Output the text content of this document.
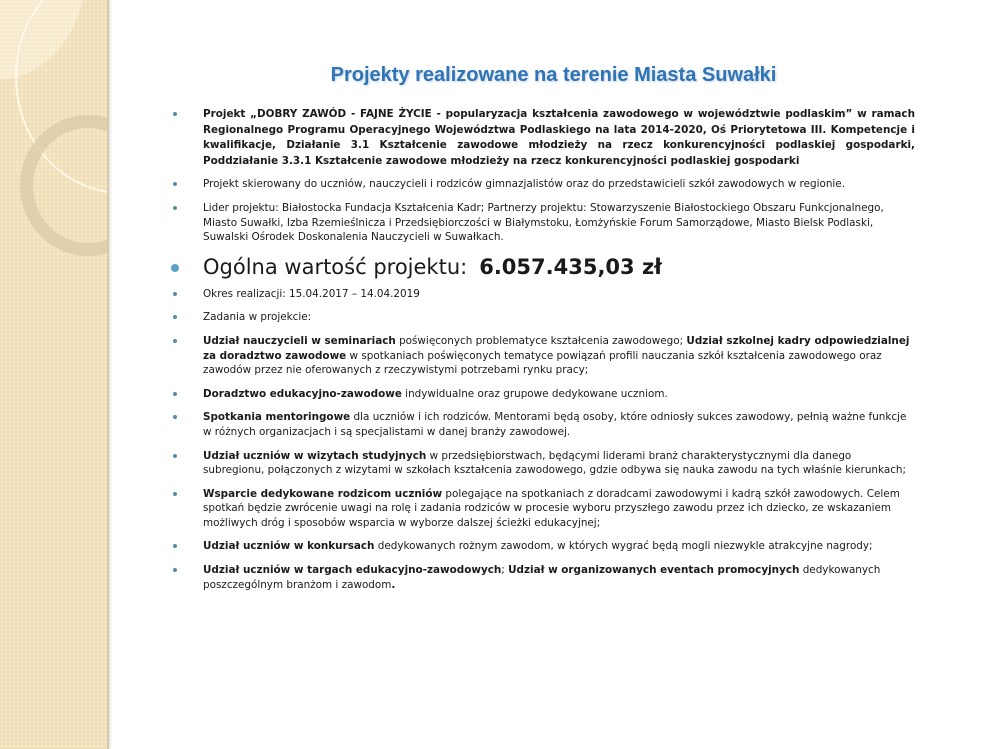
Projekty realizowane na terenie Miasta Suwałki
Projekt „DOBRY ZAWÓD - FAJNE ŻYCIE - popularyzacja kształcenia zawodowego w województwie podlaskim” w ramach Regionalnego Programu Operacyjnego Województwa Podlaskiego na lata 2014-2020, Oś Priorytetowa III. Kompetencje i kwalifikacje, Działanie 3.1 Kształcenie zawodowe młodzieży na rzecz konkurencyjności podlaskiej gospodarki, Poddziałanie 3.3.1 Kształcenie zawodowe młodzieży na rzecz konkurencyjności podlaskiej gospodarki
Projekt skierowany do uczniów, nauczycieli i rodziców gimnazjalistów oraz do przedstawicieli szkół zawodowych w regionie.
Lider projektu: Białostocka Fundacja Kształcenia Kadr; Partnerzy projektu: Stowarzyszenie Białostockiego Obszaru Funkcjonalnego, Miasto Suwałki, Izba Rzemieślnicza i Przedsiębiorczości w Białymstoku, Łomżyńskie Forum Samorządowe, Miasto Bielsk Podlaski, Suwalski Ośrodek Doskonalenia Nauczycieli w Suwałkach.
Ogólna wartość projektu: 6.057.435,03 zł
Okres realizacji: 15.04.2017 – 14.04.2019
Zadania w projekcie:
Udział nauczycieli w seminariach poświęconych problematyce kształcenia zawodowego; Udział szkolnej kadry odpowiedzialnej za doradztwo zawodowe w spotkaniach poświęconych tematyce powiązań profili nauczania szkół kształcenia zawodowego oraz zawodów przez nie oferowanych z rzeczywistymi potrzebami rynku pracy;
Doradztwo edukacyjno-zawodowe indywidualne oraz grupowe dedykowane uczniom.
Spotkania mentoringowe dla uczniów i ich rodziców. Mentorami będą osoby, które odniosły sukces zawodowy, pełnią ważne funkcje w różnych organizacjach i są specjalistami w danej branży zawodowej.
Udział uczniów w wizytach studyjnych w przedsiębiorstwach, będącymi liderami branż charakterystycznymi dla danego subregionu, połączonych z wizytami w szkołach kształcenia zawodowego, gdzie odbywa się nauka zawodu na tych właśnie kierunkach;
Wsparcie dedykowane rodzicom uczniów polegające na spotkaniach z doradcami zawodowymi i kadrą szkół zawodowych. Celem spotkań będzie zwrócenie uwagi na rolę i zadania rodziców w procesie wyboru przyszłego zawodu przez ich dziecko, ze wskazaniem możliwych dróg i sposobów wsparcia w wyborze dalszej ścieżki edukacyjnej;
Udział uczniów w konkursach dedykowanych rożnym zawodom, w których wygrać będą mogli niezwykle atrakcyjne nagrody;
Udział uczniów w targach edukacyjno-zawodowych; Udział w organizowanych eventach promocyjnych dedykowanych poszczególnym branżom i zawodom.
